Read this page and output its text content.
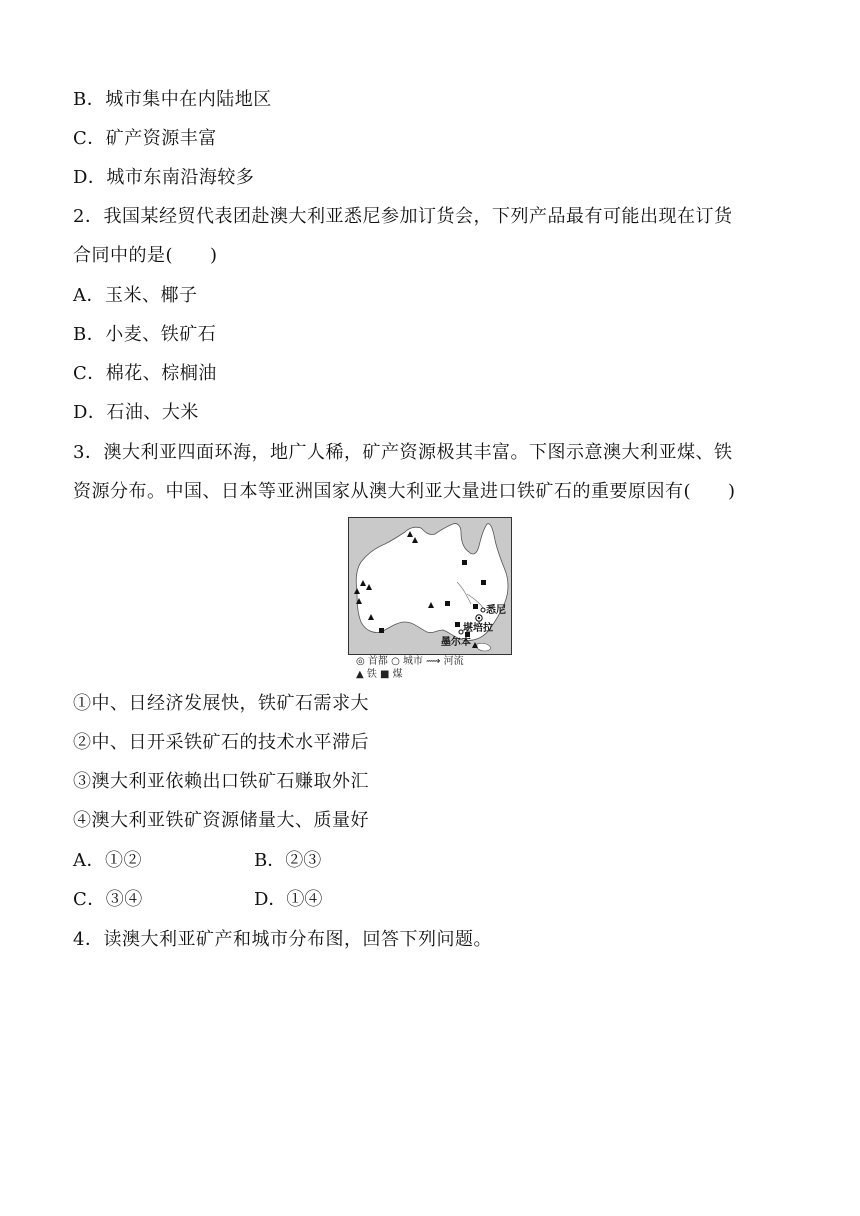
B．城市集中在内陆地区
C．矿产资源丰富
D．城市东南沿海较多
2．我国某经贸代表团赴澳大利亚悉尼参加订货会，下列产品最有可能出现在订货
合同中的是(　　)
A．玉米、椰子
B．小麦、铁矿石
C．棉花、棕榈油
D．石油、大米
3．澳大利亚四面环海，地广人稀，矿产资源极其丰富。下图示意澳大利亚煤、铁
资源分布。中国、日本等亚洲国家从澳大利亚大量进口铁矿石的重要原因有(　　)
悉尼
堪培拉
墨尔本
◎ 首都 ○ 城市 ⟿ 河流
▲ 铁 ■ 煤
①中、日经济发展快，铁矿石需求大
②中、日开采铁矿石的技术水平滞后
③澳大利亚依赖出口铁矿石赚取外汇
④澳大利亚铁矿资源储量大、质量好
A．①②	B．②③
C．③④	D．①④
4．读澳大利亚矿产和城市分布图，回答下列问题。
